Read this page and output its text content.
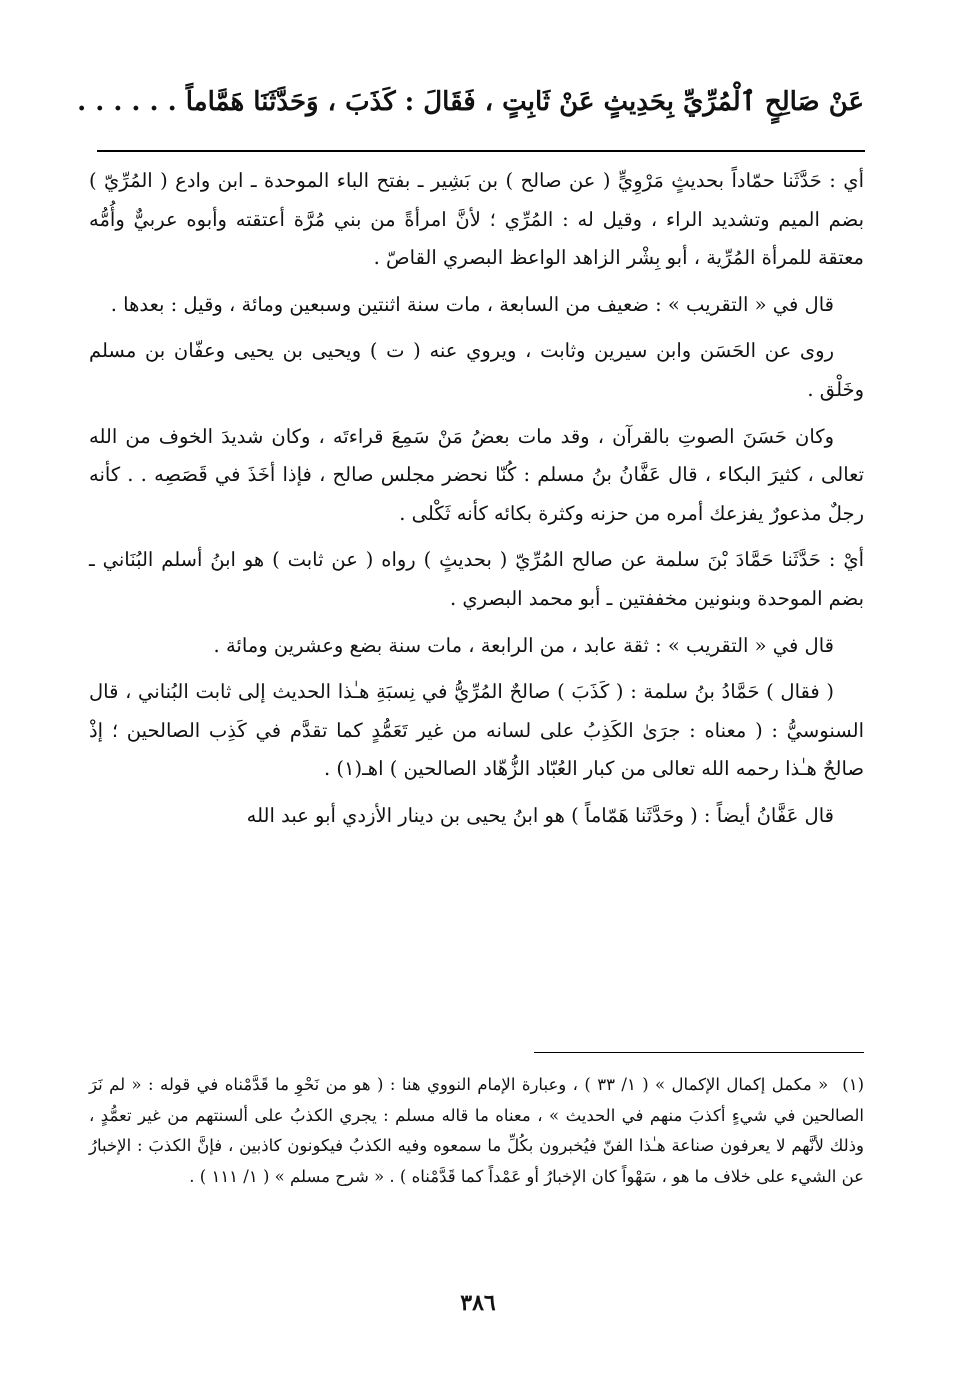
عَنْ صَالِحٍ ٱلْمُرِّيِّ بِحَدِيثٍ عَنْ ثَابِتٍ ، فَقَالَ : كَذَبَ ، وَحَدَّثَنَا هَمَّاماً . . . . . .

أي : حَدَّثَنا حمّاداً بحديثٍ مَرْوِيٍّ ( عن صالح ) بن بَشِير ـ بفتح الباء الموحدة ـ ابن وادع ( المُرِّيّ ) بضم الميم وتشديد الراء ، وقيل له : المُرِّي ؛ لأنَّ امرأةً من بني مُرَّة أعتقته وأبوه عربيٌّ وأُمُّه معتقة للمرأة المُرِّية ، أبو بِشْر الزاهد الواعظ البصري القاصّ .

قال في « التقريب » : ضعيف من السابعة ، مات سنة اثنتين وسبعين ومائة ، وقيل : بعدها .

روى عن الحَسَن وابن سيرين وثابت ، ويروي عنه ( ت ) ويحيى بن يحيى وعفّان بن مسلم وخَلْق .

وكان حَسَنَ الصوتِ بالقرآن ، وقد مات بعضُ مَنْ سَمِعَ قراءتَه ، وكان شديدَ الخوف من الله تعالى ، كثيرَ البكاء ، قال عَفَّانُ بنُ مسلم : كُنّا نحضر مجلس صالح ، فإذا أخَذَ في قَصَصِه . . كأنه رجلٌ مذعورٌ يفزعك أمره من حزنه وكثرة بكائه كأنه ثَكْلى .

أيْ : حَدَّثَنا حَمَّادَ بْنَ سلمة عن صالح المُرِّيّ ( بحديثٍ ) رواه ( عن ثابت ) هو ابنُ أسلم البُنَاني ـ بضم الموحدة وبنونين مخففتين ـ أبو محمد البصري .

قال في « التقريب » : ثقة عابد ، من الرابعة ، مات سنة بضع وعشرين ومائة .

( فقال ) حَمَّادُ بنُ سلمة : ( كَذَبَ ) صالحٌ المُرِّيُّ في نِسبَةِ هـٰذا الحديث إلى ثابت البُناني ، قال السنوسيُّ : ( معناه : جرَىٰ الكَذِبُ على لسانه من غير تَعَمُّدٍ كما تقدَّم في كَذِب الصالحين ؛ إذْ صالحٌ هـٰذا رحمه الله تعالى من كبار العُبّاد الزُّهّاد الصالحين ) اهـ(١) .

قال عَفَّانُ أيضاً : ( وحَدَّثَنا هَمّاماً ) هو ابنُ يحيى بن دينار الأزدي أبو عبد الله

(١)« مكمل إكمال الإكمال » ( ١/ ٣٣ ) ، وعبارة الإمام النووي هنا : ( هو من نَحْوِ ما قَدَّمْناه في قوله : « لم نَرَ الصالحين في شيءٍ أكذبَ منهم في الحديث » ، معناه ما قاله مسلم : يجري الكذبُ على ألسنتهم من غير تعمُّدٍ ، وذلك لأنَّهم لا يعرفون صناعة هـٰذا الفنّ فيُخبرون بكُلِّ ما سمعوه وفيه الكذبُ فيكونون كاذبين ، فإنَّ الكذبَ : الإخبارُ عن الشيء على خلاف ما هو ، سَهْواً كان الإخبارُ أو عَمْداً كما قَدَّمْناه ) . « شرح مسلم » ( ١/ ١١١ ) .

٣٨٦
